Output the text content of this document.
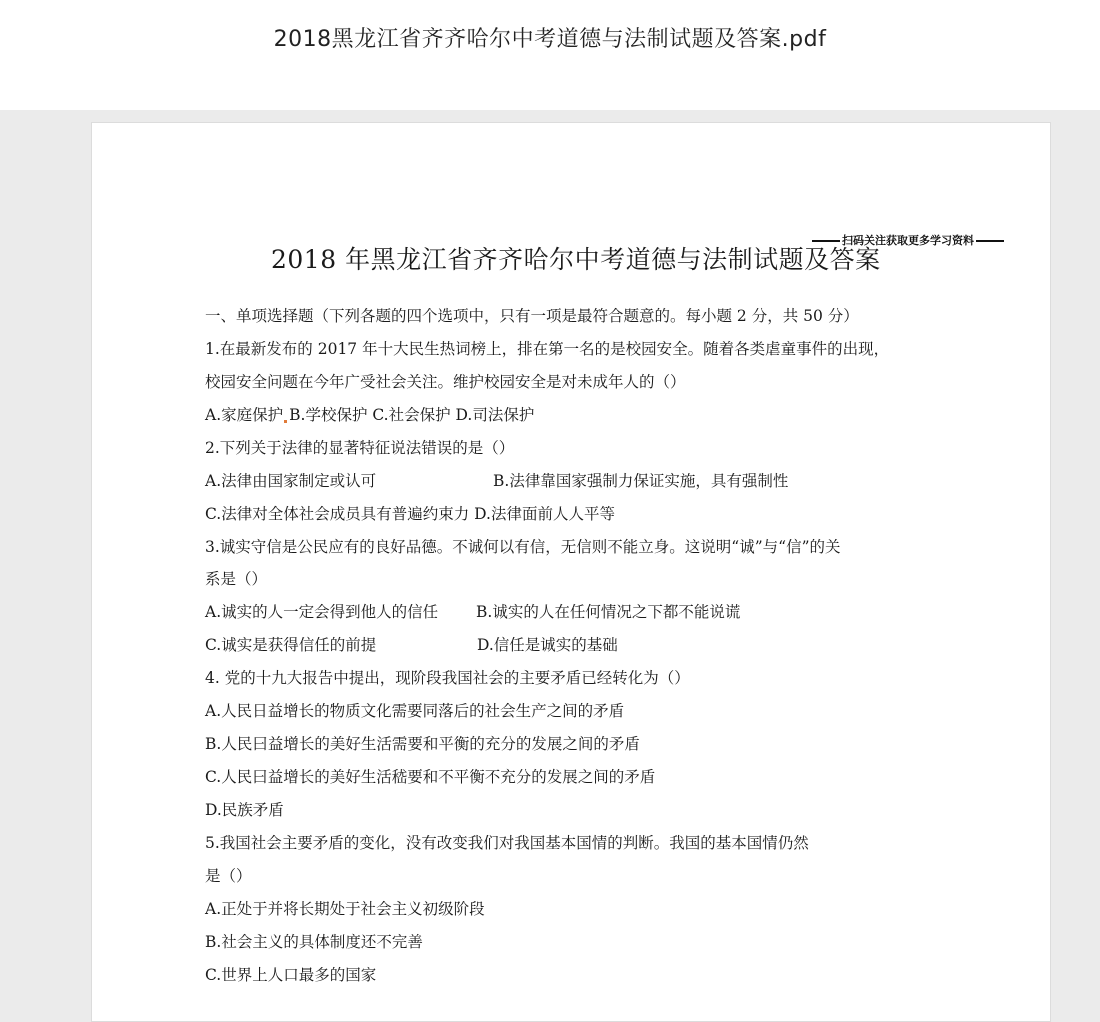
2018黑龙江省齐齐哈尔中考道德与法制试题及答案.pdf
扫码关注获取更多学习资料
2018 年黑龙江省齐齐哈尔中考道德与法制试题及答案
一、单项选择题（下列各题的四个选项中，只有一项是最符合题意的。每小题 2 分，共 50 分）
1.在最新发布的 2017 年十大民生热词榜上，排在第一名的是校园安全。随着各类虐童事件的出现，
校园安全问题在今年广受社会关注。维护校园安全是对未成年人的（）
A.家庭保护 B.学校保护 C.社会保护 D.司法保护
2.下列关于法律的显著特征说法错误的是（）
A.法律由国家制定或认可	B.法律靠国家强制力保证实施，具有强制性
C.法律对全体社会成员具有普遍约束力 D.法律面前人人平等
3.诚实守信是公民应有的良好品德。不诚何以有信，无信则不能立身。这说明“诚”与“信”的关
系是（）
A.诚实的人一定会得到他人的信任 B.诚实的人在任何情况之下都不能说谎
C.诚实是获得信任的前提	D.信任是诚实的基础
4. 党的十九大报告中提出，现阶段我国社会的主要矛盾已经转化为（）
A.人民日益增长的物质文化需要同落后的社会生产之间的矛盾
B.人民曰益增长的美好生活需要和平衡的充分的发展之间的矛盾
C.人民曰益增长的美好生活嵇要和不平衡不充分的发展之间的矛盾
D.民族矛盾
5.我国社会主要矛盾的变化，没有改变我们对我国基本国情的判断。我国的基本国情仍然
是（）
A.正处于并将长期处于社会主义初级阶段
B.社会主义的具体制度还不完善
C.世界上人口最多的国家
